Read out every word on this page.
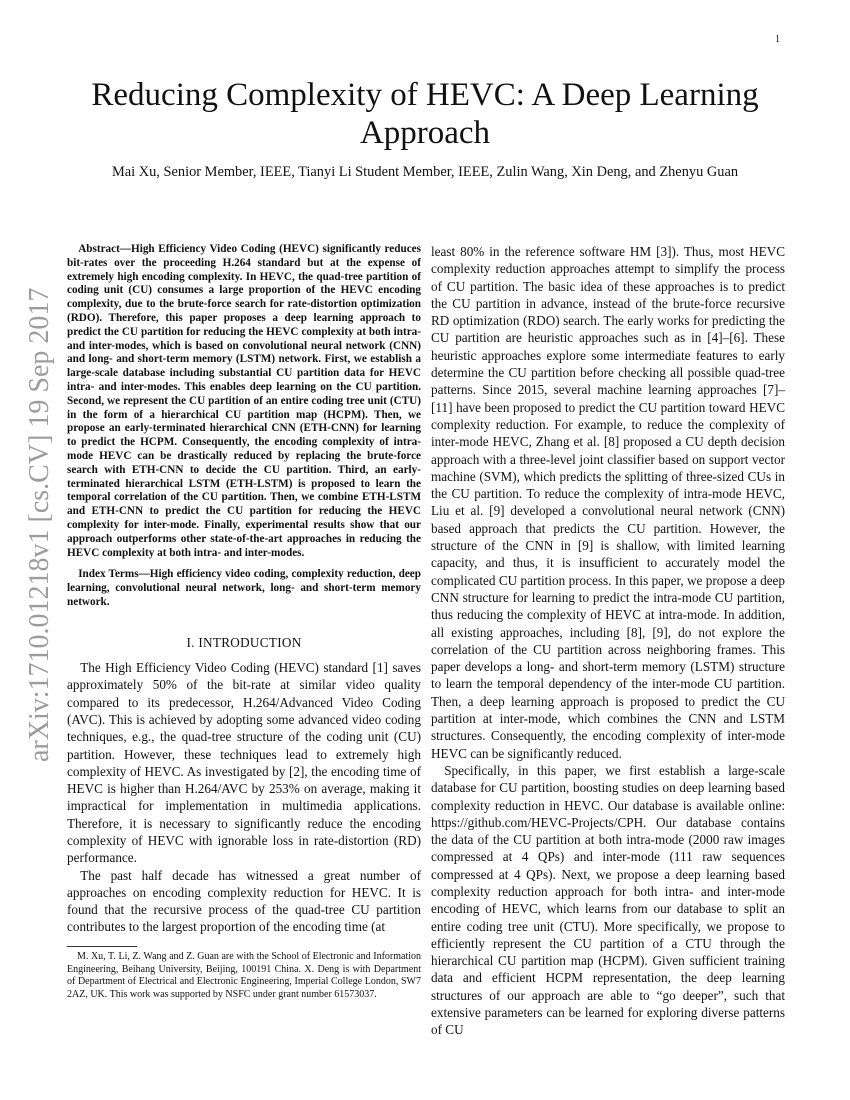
1
arXiv:1710.01218v1 [cs.CV] 19 Sep 2017
Reducing Complexity of HEVC: A Deep Learning Approach
Mai Xu, Senior Member, IEEE, Tianyi Li Student Member, IEEE, Zulin Wang, Xin Deng, and Zhenyu Guan

Abstract—High Efficiency Video Coding (HEVC) significantly reduces bit-rates over the proceeding H.264 standard but at the expense of extremely high encoding complexity. In HEVC, the quad-tree partition of coding unit (CU) consumes a large proportion of the HEVC encoding complexity, due to the brute-force search for rate-distortion optimization (RDO). Therefore, this paper proposes a deep learning approach to predict the CU partition for reducing the HEVC complexity at both intra- and inter-modes, which is based on convolutional neural network (CNN) and long- and short-term memory (LSTM) network. First, we establish a large-scale database including substantial CU partition data for HEVC intra- and inter-modes. This enables deep learning on the CU partition. Second, we represent the CU partition of an entire coding tree unit (CTU) in the form of a hierarchical CU partition map (HCPM). Then, we propose an early-terminated hierarchical CNN (ETH-CNN) for learning to predict the HCPM. Consequently, the encoding complexity of intra-mode HEVC can be drastically reduced by replacing the brute-force search with ETH-CNN to decide the CU partition. Third, an early-terminated hierarchical LSTM (ETH-LSTM) is proposed to learn the temporal correlation of the CU partition. Then, we combine ETH-LSTM and ETH-CNN to predict the CU partition for reducing the HEVC complexity for inter-mode. Finally, experimental results show that our approach outperforms other state-of-the-art approaches in reducing the HEVC complexity at both intra- and inter-modes.

Index Terms—High efficiency video coding, complexity reduction, deep learning, convolutional neural network, long- and short-term memory network.

I. INTRODUCTION

The High Efficiency Video Coding (HEVC) standard [1] saves approximately 50% of the bit-rate at similar video quality compared to its predecessor, H.264/Advanced Video Coding (AVC). This is achieved by adopting some advanced video coding techniques, e.g., the quad-tree structure of the coding unit (CU) partition. However, these techniques lead to extremely high complexity of HEVC. As investigated by [2], the encoding time of HEVC is higher than H.264/AVC by 253% on average, making it impractical for implementation in multimedia applications. Therefore, it is necessary to significantly reduce the encoding complexity of HEVC with ignorable loss in rate-distortion (RD) performance.

The past half decade has witnessed a great number of approaches on encoding complexity reduction for HEVC. It is found that the recursive process of the quad-tree CU partition contributes to the largest proportion of the encoding time (at

M. Xu, T. Li, Z. Wang and Z. Guan are with the School of Electronic and Information Engineering, Beihang University, Beijing, 100191 China. X. Deng is with Department of Department of Electrical and Electronic Engineering, Imperial College London, SW7 2AZ, UK. This work was supported by NSFC under grant number 61573037.

least 80% in the reference software HM [3]). Thus, most HEVC complexity reduction approaches attempt to simplify the process of CU partition. The basic idea of these approaches is to predict the CU partition in advance, instead of the brute-force recursive RD optimization (RDO) search. The early works for predicting the CU partition are heuristic approaches such as in [4]–[6]. These heuristic approaches explore some intermediate features to early determine the CU partition before checking all possible quad-tree patterns. Since 2015, several machine learning approaches [7]–[11] have been proposed to predict the CU partition toward HEVC complexity reduction. For example, to reduce the complexity of inter-mode HEVC, Zhang et al. [8] proposed a CU depth decision approach with a three-level joint classifier based on support vector machine (SVM), which predicts the splitting of three-sized CUs in the CU partition. To reduce the complexity of intra-mode HEVC, Liu et al. [9] developed a convolutional neural network (CNN) based approach that predicts the CU partition. However, the structure of the CNN in [9] is shallow, with limited learning capacity, and thus, it is insufficient to accurately model the complicated CU partition process. In this paper, we propose a deep CNN structure for learning to predict the intra-mode CU partition, thus reducing the complexity of HEVC at intra-mode. In addition, all existing approaches, including [8], [9], do not explore the correlation of the CU partition across neighboring frames. This paper develops a long- and short-term memory (LSTM) structure to learn the temporal dependency of the inter-mode CU partition. Then, a deep learning approach is proposed to predict the CU partition at inter-mode, which combines the CNN and LSTM structures. Consequently, the encoding complexity of inter-mode HEVC can be significantly reduced.

Specifically, in this paper, we first establish a large-scale database for CU partition, boosting studies on deep learning based complexity reduction in HEVC. Our database is available online: https://github.com/HEVC-Projects/CPH. Our database contains the data of the CU partition at both intra-mode (2000 raw images compressed at 4 QPs) and inter-mode (111 raw sequences compressed at 4 QPs). Next, we propose a deep learning based complexity reduction approach for both intra- and inter-mode encoding of HEVC, which learns from our database to split an entire coding tree unit (CTU). More specifically, we propose to efficiently represent the CU partition of a CTU through the hierarchical CU partition map (HCPM). Given sufficient training data and efficient HCPM representation, the deep learning structures of our approach are able to “go deeper”, such that extensive parameters can be learned for exploring diverse patterns of CU
